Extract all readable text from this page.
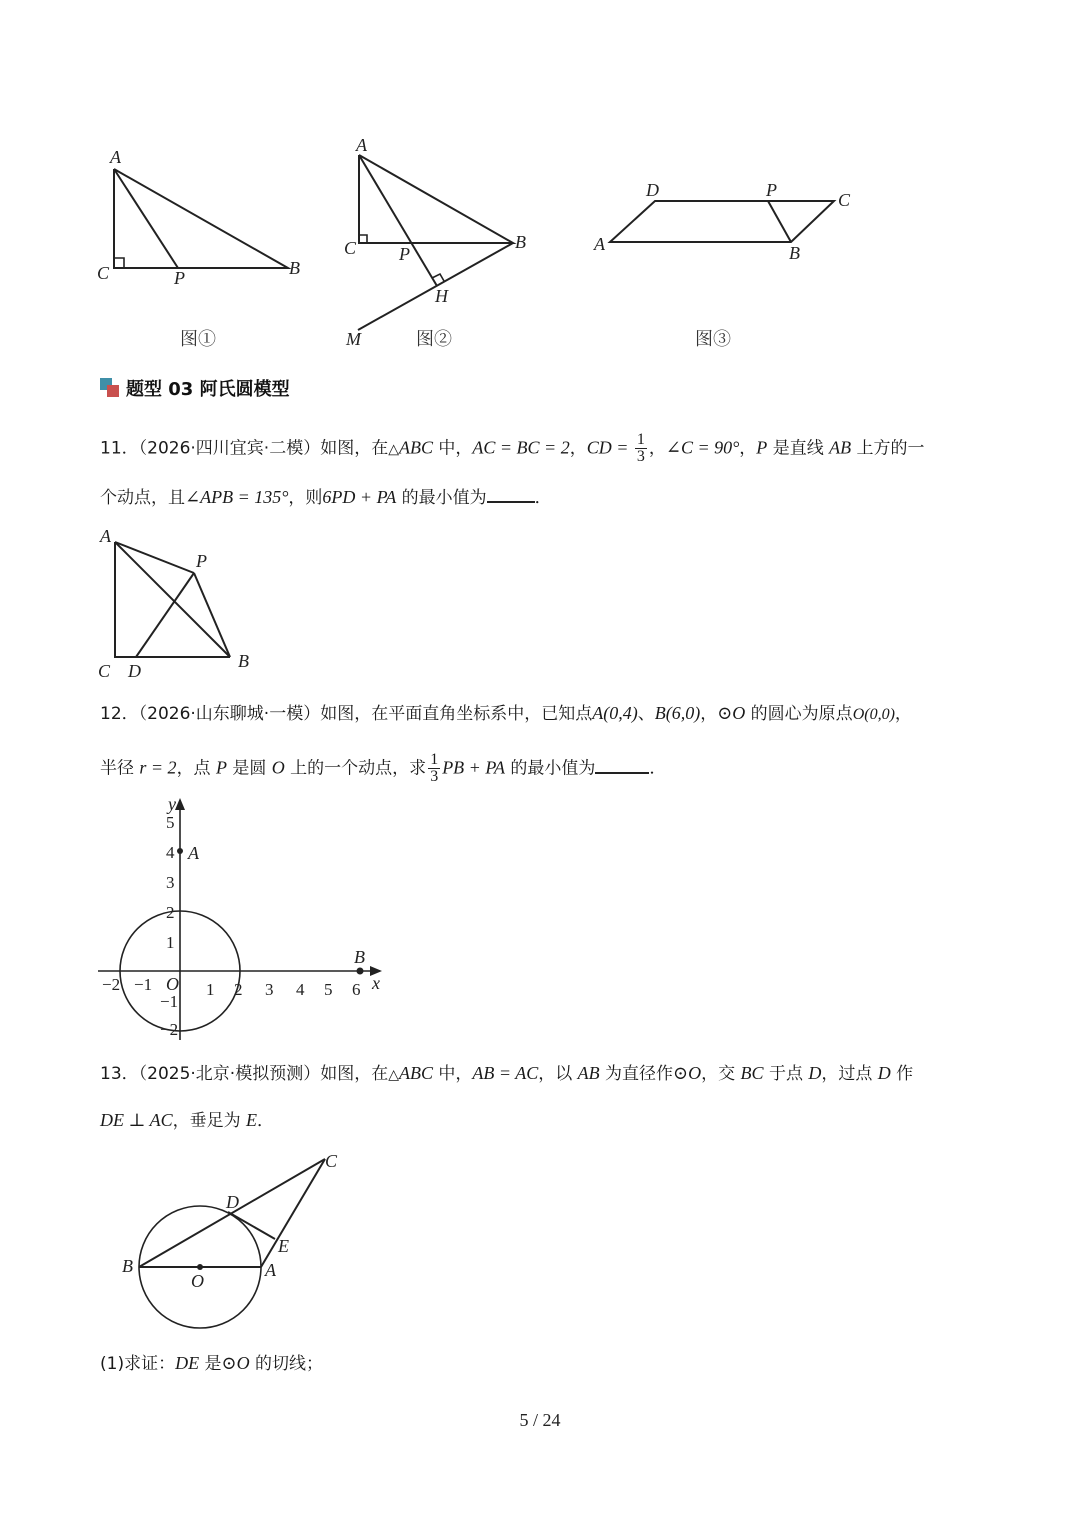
A
C	P	B
图①
A
C P
B
H
M	图②
D	P	C
A	B
图③
题型 03 阿氏圆模型
11．（2026·四川宜宾·二模）如图，在△ABC 中，AC = BC = 2，CD = $\frac{1}{3}$ ，∠C = 90°，P 是直线 AB 上方的一
个动点，且∠APB = 135°，则6PD + PA 的最小值为	．
A
P
C D	B
12．（2026·山东聊城·一模）如图，在平面直角坐标系中，已知点A(0,4)、B(6,0)，⊙O 的圆心为原点O(0,0)，
半径 r = 2，点 P 是圆 O 上的一个动点，求 $\frac{1}{3}$ PB + PA 的最小值为	．
5
4
3
2
1
−1
−2
−2 −1	1 2 3 4 5 6
O	x
y
A
B
13．（2025·北京·模拟预测）如图，在△ABC 中，AB = AC，以 AB 为直径作⊙O，交 BC 于点 D，过点 D 作
DE ⊥ AC，垂足为 E．
C
D
E
B
O
A
(1)求证：DE 是⊙O 的切线；
5 / 24
